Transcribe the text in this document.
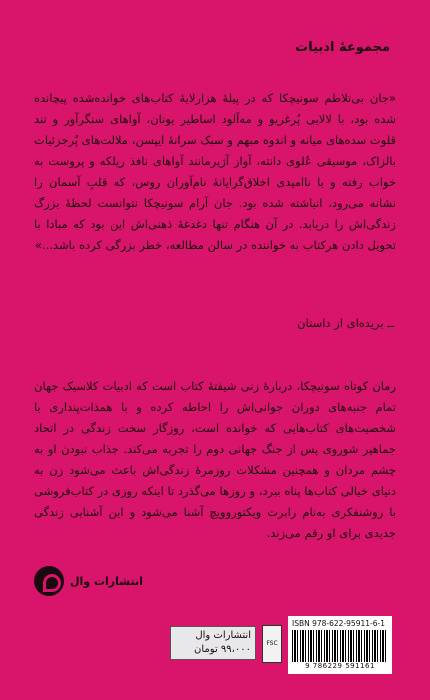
مجموعهٔ ادبیات
«جان بی‌تلاطم سونیچکا که در پیلهٔ هزارلایهٔ کتاب‌های خوانده‌شده پیچانده شده بود، با لالایی پُرغریو و مه‌آلود اساطیر یونان، آواهای سنگرآور و تند قلوت سده‌های میانه و اندوه مبهم و سبک سرانهٔ ایپسن، ملالت‌های پُرجزئیات بالزاک، موسیقی عُلوی دانته، آواز آژیرمانند آواهای نافذ ریلکه و پروست به خواب رفته و با ناامیدی اخلاق‌گرایانهٔ نام‌آوران روس، که قلبِ آسمان را نشانه می‌رود، انباشته شده بود. جان آرام سونیچکا نتوانست لحظهٔ بزرگ زندگی‌اش را دریابد. در آن هنگام تنها دغدغهٔ ذهنی‌اش این بود که مبادا با تحویل دادن هرکتاب به خواننده در سالن مطالعه، خطر بزرگی کرده باشد...»
ــ بریده‌ای از داستان
رمان کوتاه سونیچکا، دربارهٔ زنی شیفتهٔ کتاب است که ادبیات کلاسیک جهان تمام جنبه‌های دوران جوانی‌اش را احاطه کرده و با همذات‌پنداری با شخصیت‌های کتاب‌هایی که خوانده است، روزگار سخت زندگی در اتحاد جماهیر شوروی پس از جنگ جهانی دوم را تجربه می‌کند. جذاب نبودن او به چشم مردان و همچنین مشکلات روزمرهٔ زندگی‌اش باعث می‌شود زن به دنیای خیالی کتاب‌ها پناه ببرد، و روزها می‌گذرد تا اینکه روزی در کتاب‌فروشی با روشنفکری به‌نام رابرت ویکتوروویچ آشنا می‌شود و این آشنایی زندگی جدیدی برای او رقم می‌زند.
انتشارات وال
انتشارات وال
۹۹،۰۰۰ تومان
FSC
ISBN 978-622-95911-6-1
9 786229 591161
